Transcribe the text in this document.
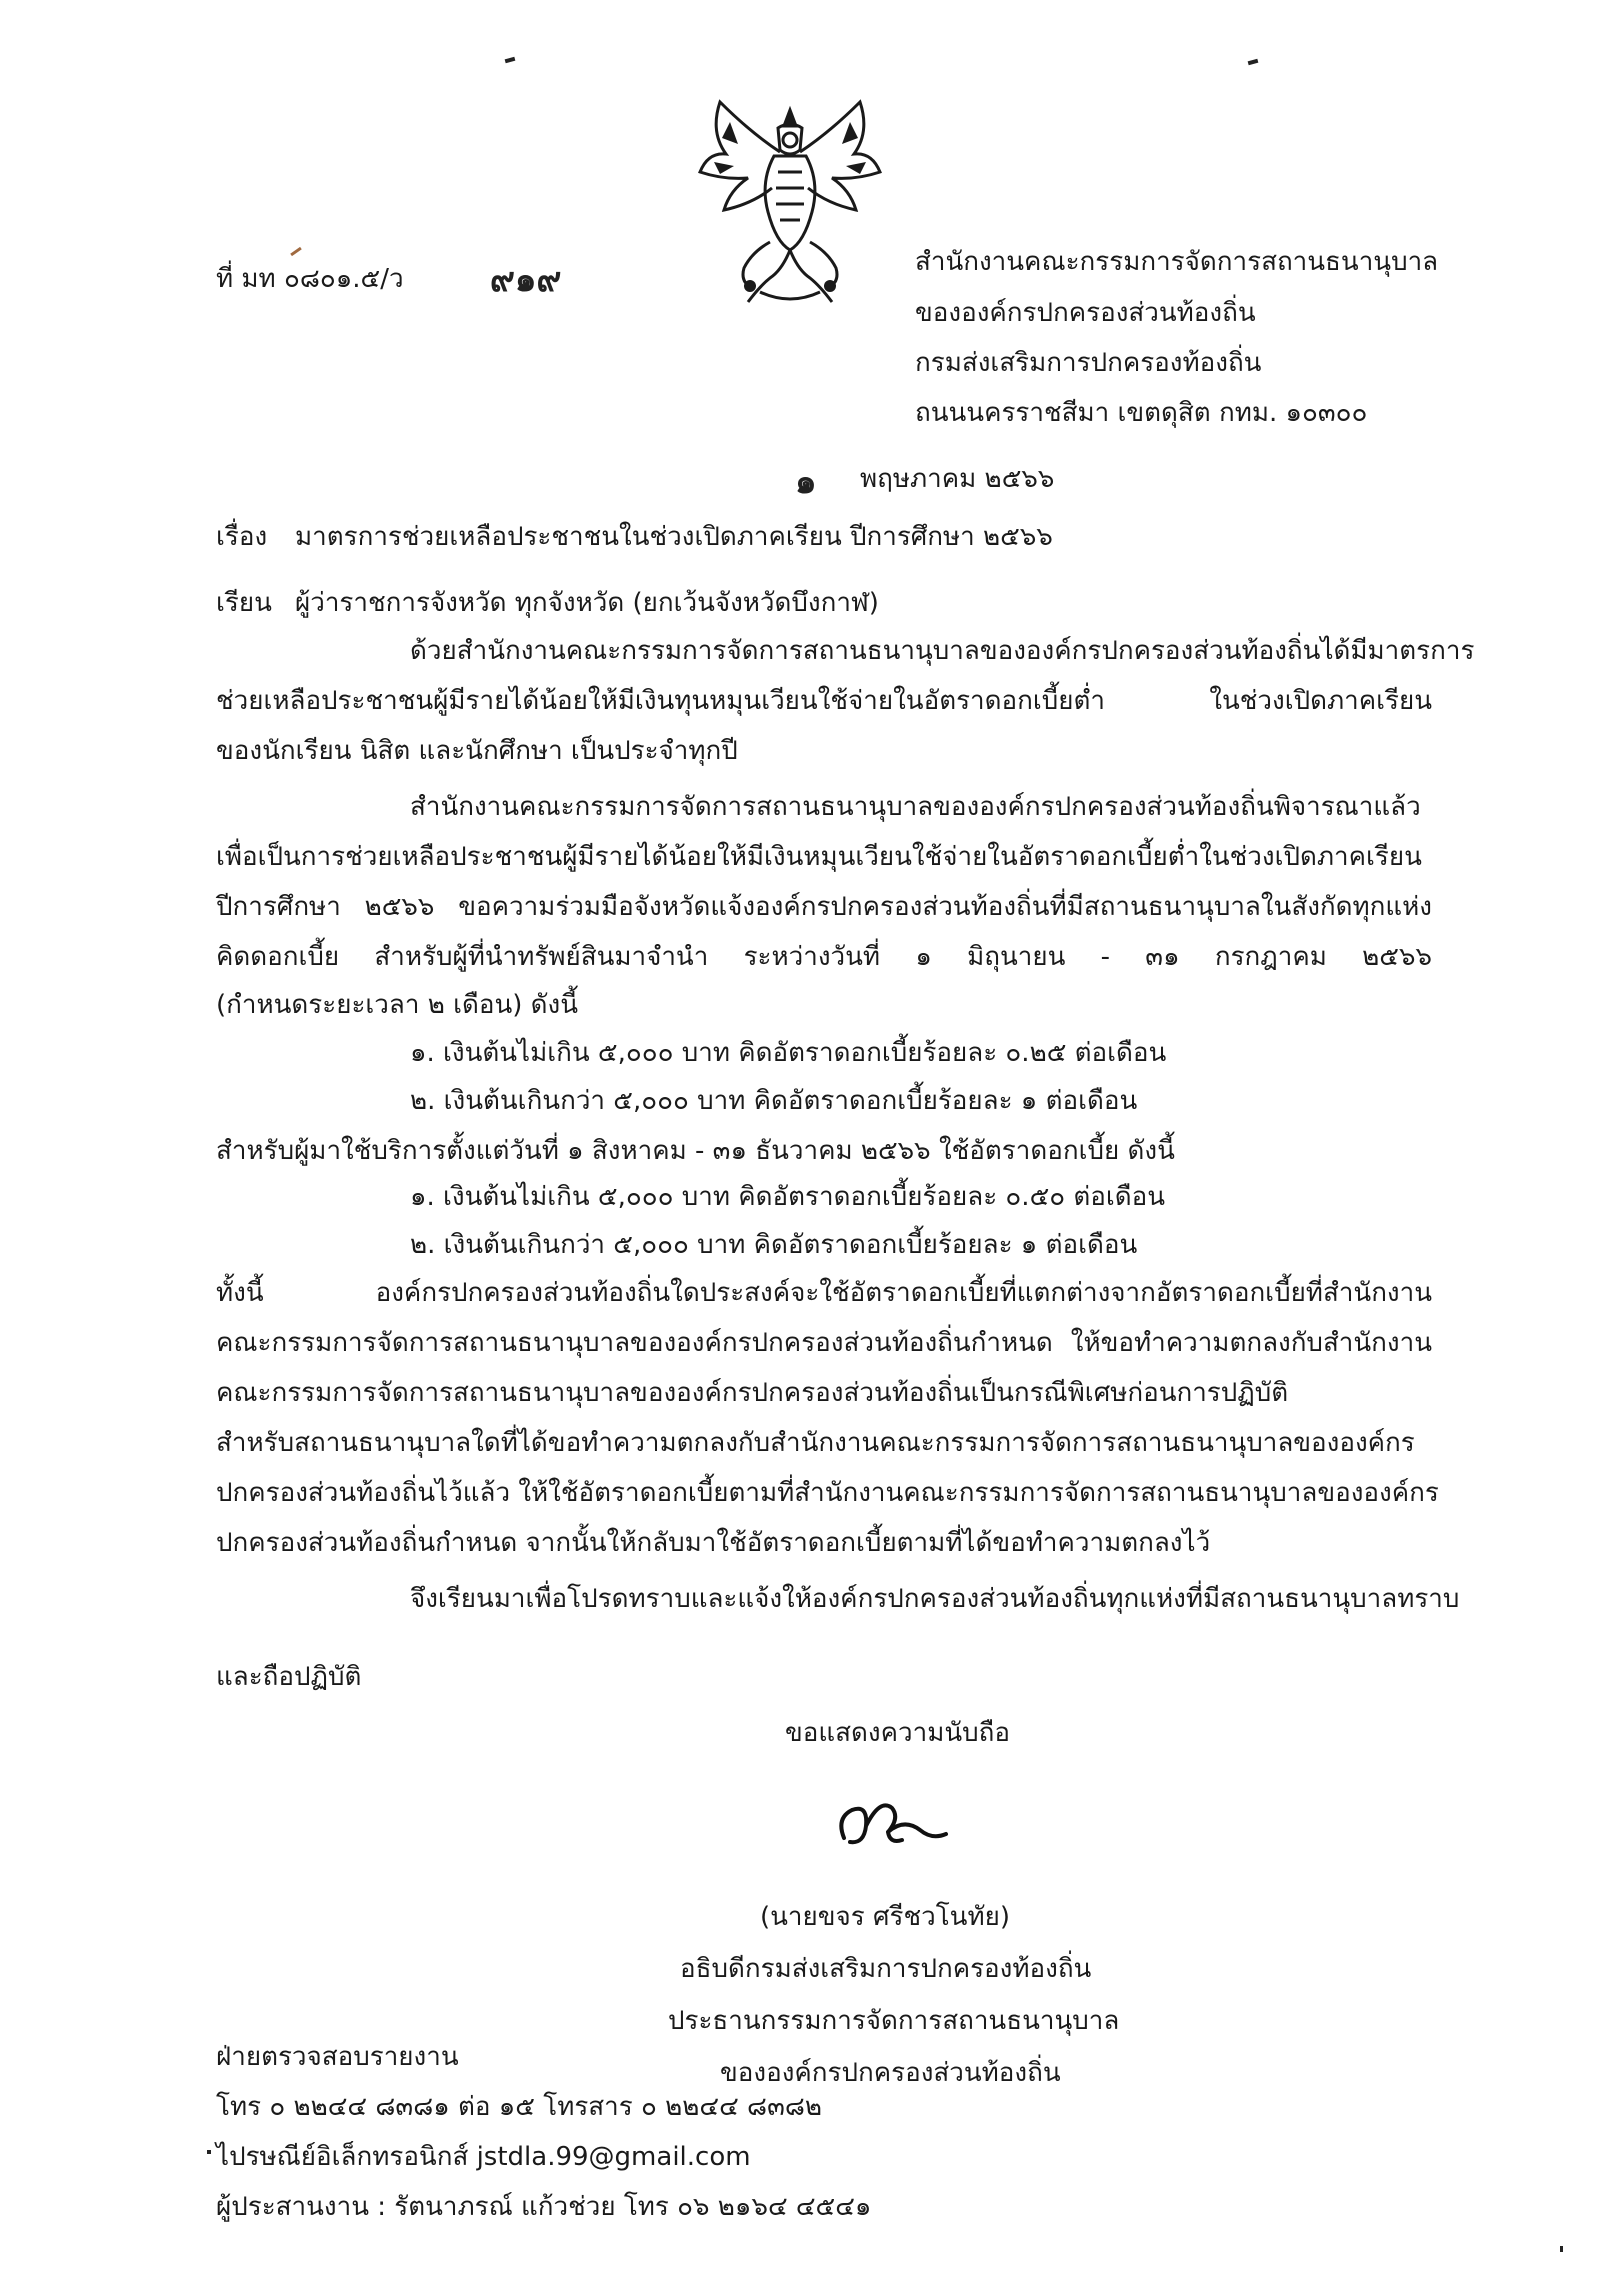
ที่ มท ๐๘๐๑.๕/ว	๙๑๙	สำนักงานคณะกรรมการจัดการสถานธนานุบาล
ขององค์กรปกครองส่วนท้องถิ่น
กรมส่งเสริมการปกครองท้องถิ่น
ถนนนครราชสีมา เขตดุสิต กทม. ๑๐๓๐๐
๑ พฤษภาคม ๒๕๖๖
เรื่อง มาตรการช่วยเหลือประชาชนในช่วงเปิดภาคเรียน ปีการศึกษา ๒๕๖๖
เรียน ผู้ว่าราชการจังหวัด ทุกจังหวัด (ยกเว้นจังหวัดบึงกาฬ)
ด้วยสำนักงานคณะกรรมการจัดการสถานธนานุบาลขององค์กรปกครองส่วนท้องถิ่นได้มีมาตรการ
ช่วยเหลือประชาชนผู้มีรายได้น้อยให้มีเงินทุนหมุนเวียนใช้จ่ายในอัตราดอกเบี้ยต่ำ ในช่วงเปิดภาคเรียน
ของนักเรียน นิสิต และนักศึกษา เป็นประจำทุกปี
สำนักงานคณะกรรมการจัดการสถานธนานุบาลขององค์กรปกครองส่วนท้องถิ่นพิจารณาแล้ว
เพื่อเป็นการช่วยเหลือประชาชนผู้มีรายได้น้อยให้มีเงินหมุนเวียนใช้จ่ายในอัตราดอกเบี้ยต่ำในช่วงเปิดภาคเรียน
ปีการศึกษา ๒๕๖๖ ขอความร่วมมือจังหวัดแจ้งองค์กรปกครองส่วนท้องถิ่นที่มีสถานธนานุบาลในสังกัดทุกแห่ง
คิดดอกเบี้ย สำหรับผู้ที่นำทรัพย์สินมาจำนำ ระหว่างวันที่ ๑ มิถุนายน - ๓๑ กรกฎาคม ๒๕๖๖
(กำหนดระยะเวลา ๒ เดือน) ดังนี้
๑. เงินต้นไม่เกิน ๕,๐๐๐ บาท คิดอัตราดอกเบี้ยร้อยละ ๐.๒๕ ต่อเดือน
๒. เงินต้นเกินกว่า ๕,๐๐๐ บาท คิดอัตราดอกเบี้ยร้อยละ ๑ ต่อเดือน
สำหรับผู้มาใช้บริการตั้งแต่วันที่ ๑ สิงหาคม - ๓๑ ธันวาคม ๒๕๖๖ ใช้อัตราดอกเบี้ย ดังนี้
๑. เงินต้นไม่เกิน ๕,๐๐๐ บาท คิดอัตราดอกเบี้ยร้อยละ ๐.๕๐ ต่อเดือน
๒. เงินต้นเกินกว่า ๕,๐๐๐ บาท คิดอัตราดอกเบี้ยร้อยละ ๑ ต่อเดือน
ทั้งนี้ องค์กรปกครองส่วนท้องถิ่นใดประสงค์จะใช้อัตราดอกเบี้ยที่แตกต่างจากอัตราดอกเบี้ยที่สำนักงาน
คณะกรรมการจัดการสถานธนานุบาลขององค์กรปกครองส่วนท้องถิ่นกำหนด ให้ขอทำความตกลงกับสำนักงาน
คณะกรรมการจัดการสถานธนานุบาลขององค์กรปกครองส่วนท้องถิ่นเป็นกรณีพิเศษก่อนการปฏิบัติ
สำหรับสถานธนานุบาลใดที่ได้ขอทำความตกลงกับสำนักงานคณะกรรมการจัดการสถานธนานุบาลขององค์กร
ปกครองส่วนท้องถิ่นไว้แล้ว ให้ใช้อัตราดอกเบี้ยตามที่สำนักงานคณะกรรมการจัดการสถานธนานุบาลขององค์กร
ปกครองส่วนท้องถิ่นกำหนด จากนั้นให้กลับมาใช้อัตราดอกเบี้ยตามที่ได้ขอทำความตกลงไว้
จึงเรียนมาเพื่อโปรดทราบและแจ้งให้องค์กรปกครองส่วนท้องถิ่นทุกแห่งที่มีสถานธนานุบาลทราบ
และถือปฏิบัติ
ขอแสดงความนับถือ
(นายขจร ศรีชวโนทัย)
อธิบดีกรมส่งเสริมการปกครองท้องถิ่น
ประธานกรรมการจัดการสถานธนานุบาล
ขององค์กรปกครองส่วนท้องถิ่น
ฝ่ายตรวจสอบรายงาน
โทร ๐ ๒๒๔๔ ๘๓๘๑ ต่อ ๑๕ โทรสาร ๐ ๒๒๔๔ ๘๓๘๒
ไปรษณีย์อิเล็กทรอนิกส์ jstdla.99@gmail.com
ผู้ประสานงาน : รัตนาภรณ์ แก้วช่วย โทร ๐๖ ๒๑๖๔ ๔๕๔๑
